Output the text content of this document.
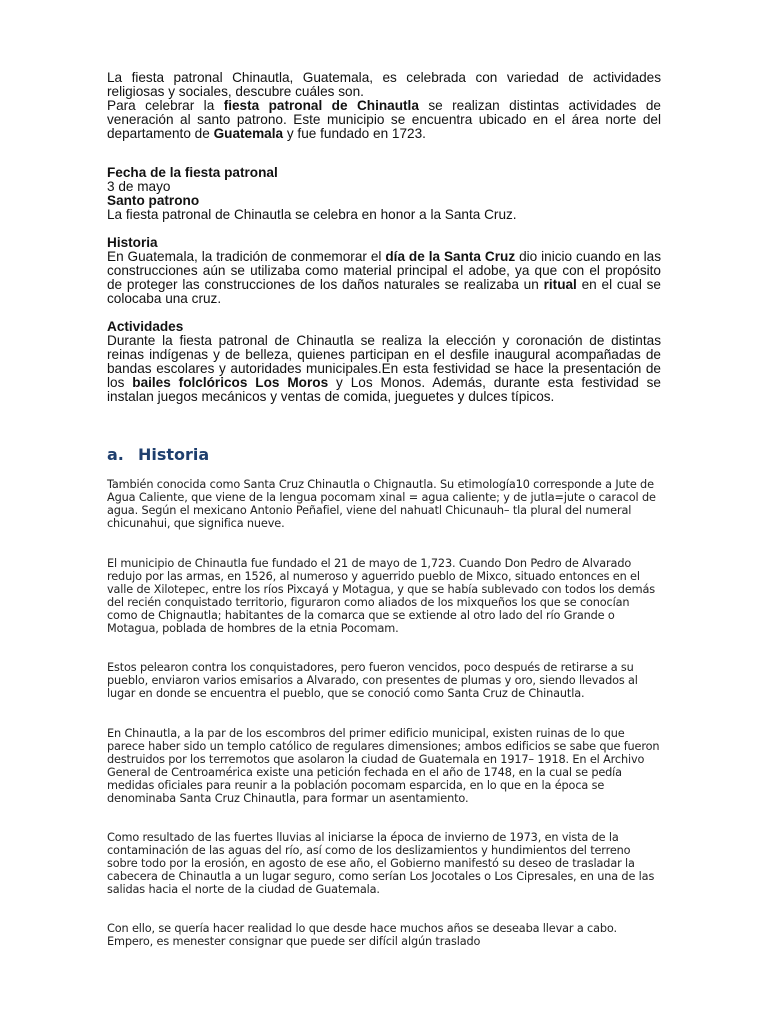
La fiesta patronal Chinautla, Guatemala, es celebrada con variedad de actividades religiosas y sociales, descubre cuáles son.

Para celebrar la fiesta patronal de Chinautla se realizan distintas actividades de veneración al santo patrono. Este municipio se encuentra ubicado en el área norte del departamento de Guatemala y fue fundado en 1723.

Fecha de la fiesta patronal

3 de mayo

Santo patrono

La fiesta patronal de Chinautla se celebra en honor a la Santa Cruz.

Historia

En Guatemala, la tradición de conmemorar el día de la Santa Cruz dio inicio cuando en las construcciones aún se utilizaba como material principal el adobe, ya que con el propósito de proteger las construcciones de los daños naturales se realizaba un ritual en el cual se colocaba una cruz.

Actividades

Durante la fiesta patronal de Chinautla se realiza la elección y coronación de distintas reinas indígenas y de belleza, quienes participan en el desfile inaugural acompañadas de bandas escolares y autoridades municipales.En esta festividad se hace la presentación de los bailes folclóricos Los Moros y Los Monos. Además, durante esta festividad se instalan juegos mecánicos y ventas de comida, jueguetes y dulces típicos.

a. Historia

También conocida como Santa Cruz Chinautla o Chignautla. Su etimología10 corresponde a Jute de Agua Caliente, que viene de la lengua pocomam xinal = agua caliente; y de jutla=jute o caracol de agua. Según el mexicano Antonio Peñafiel, viene del nahuatl Chicunauh– tla plural del numeral chicunahui, que significa nueve.

El municipio de Chinautla fue fundado el 21 de mayo de 1,723. Cuando Don Pedro de Alvarado redujo por las armas, en 1526, al numeroso y aguerrido pueblo de Mixco, situado entonces en el valle de Xilotepec, entre los ríos Pixcayá y Motagua, y que se había sublevado con todos los demás del recién conquistado territorio, figuraron como aliados de los mixqueños los que se conocían como de Chignautla; habitantes de la comarca que se extiende al otro lado del río Grande o Motagua, poblada de hombres de la etnia Pocomam.

Estos pelearon contra los conquistadores, pero fueron vencidos, poco después de retirarse a su pueblo, enviaron varios emisarios a Alvarado, con presentes de plumas y oro, siendo llevados al lugar en donde se encuentra el pueblo, que se conoció como Santa Cruz de Chinautla.

En Chinautla, a la par de los escombros del primer edificio municipal, existen ruinas de lo que parece haber sido un templo católico de regulares dimensiones; ambos edificios se sabe que fueron destruidos por los terremotos que asolaron la ciudad de Guatemala en 1917– 1918. En el Archivo General de Centroamérica existe una petición fechada en el año de 1748, en la cual se pedía medidas oficiales para reunir a la población pocomam esparcida, en lo que en la época se denominaba Santa Cruz Chinautla, para formar un asentamiento.

Como resultado de las fuertes lluvias al iniciarse la época de invierno de 1973, en vista de la contaminación de las aguas del río, así como de los deslizamientos y hundimientos del terreno sobre todo por la erosión, en agosto de ese año, el Gobierno manifestó su deseo de trasladar la cabecera de Chinautla a un lugar seguro, como serían Los Jocotales o Los Cipresales, en una de las salidas hacia el norte de la ciudad de Guatemala.

Con ello, se quería hacer realidad lo que desde hace muchos años se deseaba llevar a cabo. Empero, es menester consignar que puede ser difícil algún traslado
